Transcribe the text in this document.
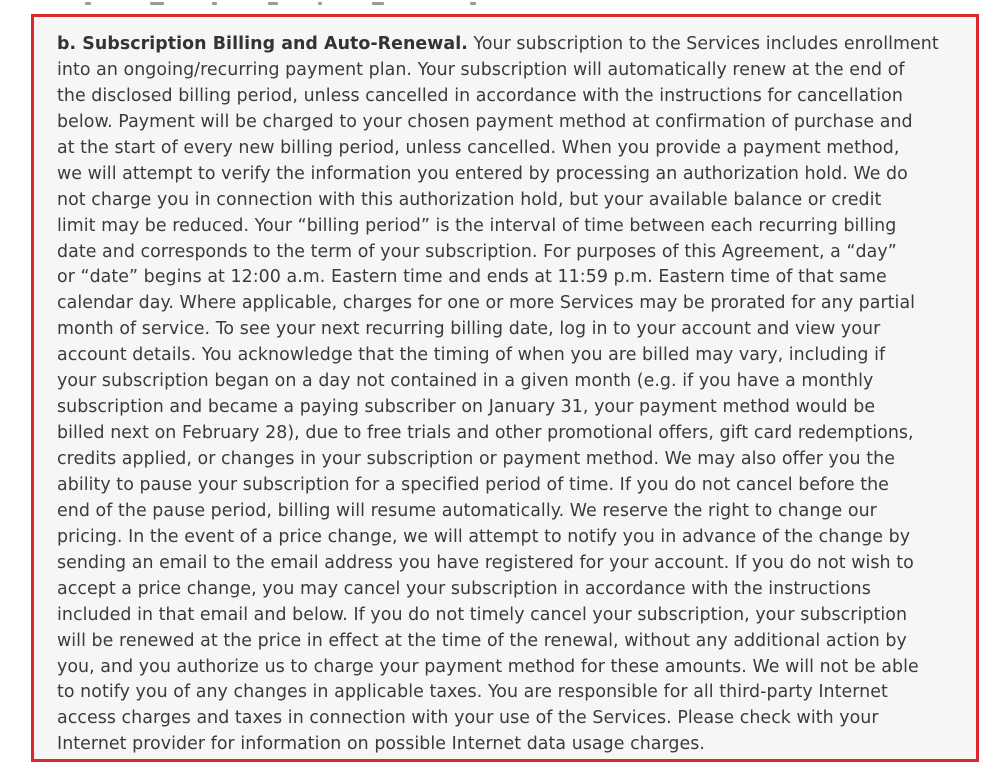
b. Subscription Billing and Auto-Renewal. Your subscription to the Services includes enrollment
into an ongoing/recurring payment plan. Your subscription will automatically renew at the end of
the disclosed billing period, unless cancelled in accordance with the instructions for cancellation
below. Payment will be charged to your chosen payment method at confirmation of purchase and
at the start of every new billing period, unless cancelled. When you provide a payment method,
we will attempt to verify the information you entered by processing an authorization hold. We do
not charge you in connection with this authorization hold, but your available balance or credit
limit may be reduced. Your “billing period” is the interval of time between each recurring billing
date and corresponds to the term of your subscription. For purposes of this Agreement, a “day”
or “date” begins at 12:00 a.m. Eastern time and ends at 11:59 p.m. Eastern time of that same
calendar day. Where applicable, charges for one or more Services may be prorated for any partial
month of service. To see your next recurring billing date, log in to your account and view your
account details. You acknowledge that the timing of when you are billed may vary, including if
your subscription began on a day not contained in a given month (e.g. if you have a monthly
subscription and became a paying subscriber on January 31, your payment method would be
billed next on February 28), due to free trials and other promotional offers, gift card redemptions,
credits applied, or changes in your subscription or payment method. We may also offer you the
ability to pause your subscription for a specified period of time. If you do not cancel before the
end of the pause period, billing will resume automatically. We reserve the right to change our
pricing. In the event of a price change, we will attempt to notify you in advance of the change by
sending an email to the email address you have registered for your account. If you do not wish to
accept a price change, you may cancel your subscription in accordance with the instructions
included in that email and below. If you do not timely cancel your subscription, your subscription
will be renewed at the price in effect at the time of the renewal, without any additional action by
you, and you authorize us to charge your payment method for these amounts. We will not be able
to notify you of any changes in applicable taxes. You are responsible for all third-party Internet
access charges and taxes in connection with your use of the Services. Please check with your
Internet provider for information on possible Internet data usage charges.
